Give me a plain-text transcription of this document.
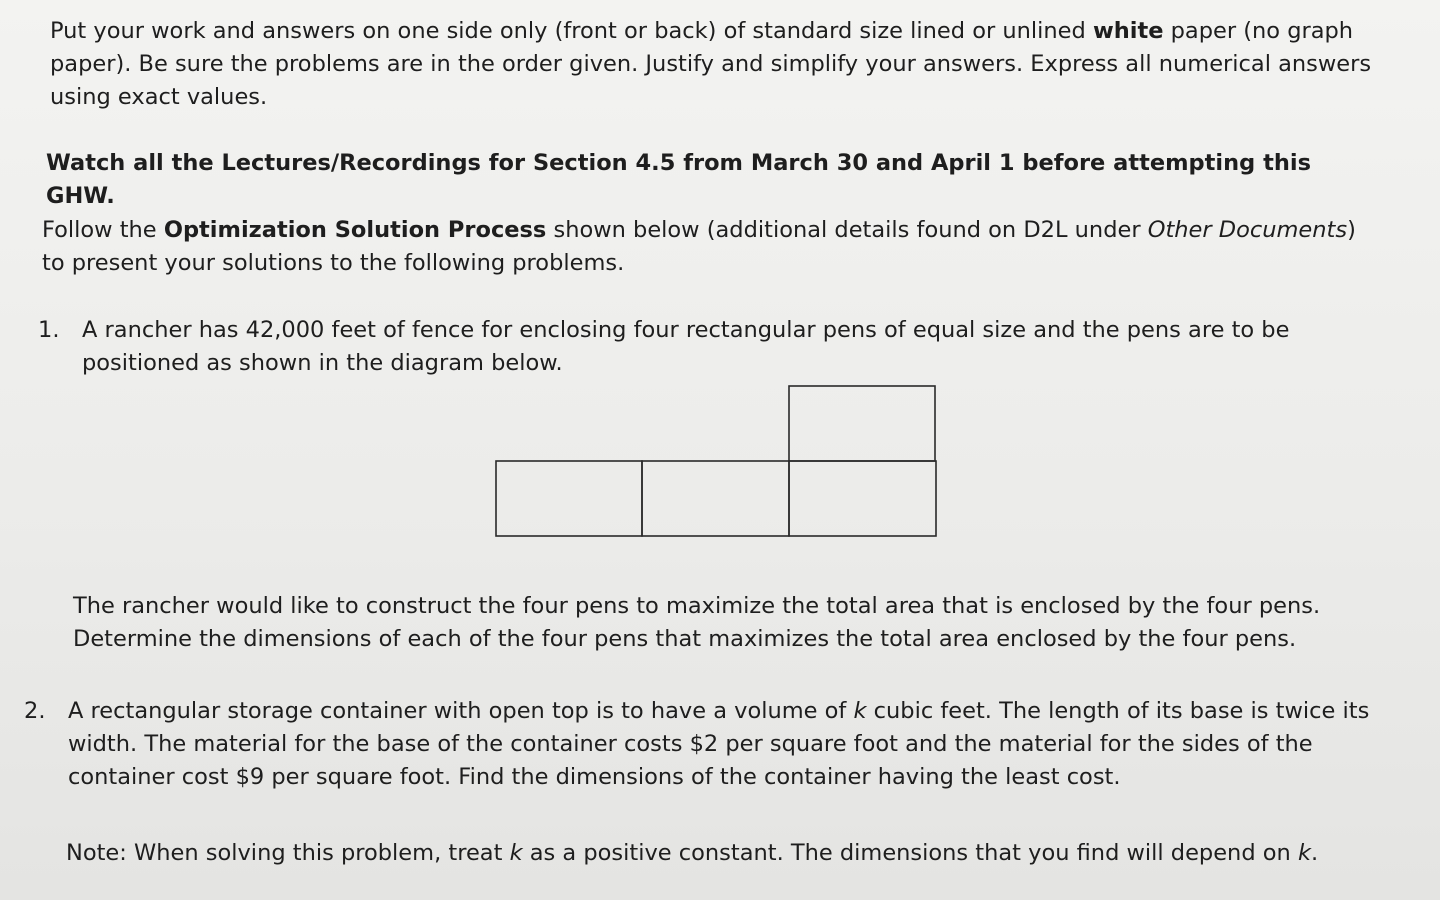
Put your work and answers on one side only (front or back) of standard size lined or unlined white paper (no graph paper). Be sure the problems are in the order given. Justify and simplify your answers. Express all numerical answers using exact values.

Watch all the Lectures/Recordings for Section 4.5 from March 30 and April 1 before attempting this GHW.

Follow the Optimization Solution Process shown below (additional details found on D2L under Other Documents) to present your solutions to the following problems.

1. A rancher has 42,000 feet of fence for enclosing four rectangular pens of equal size and the pens are to be positioned as shown in the diagram below.

The rancher would like to construct the four pens to maximize the total area that is enclosed by the four pens. Determine the dimensions of each of the four pens that maximizes the total area enclosed by the four pens.

2. A rectangular storage container with open top is to have a volume of k cubic feet. The length of its base is twice its width. The material for the base of the container costs $2 per square foot and the material for the sides of the container cost $9 per square foot. Find the dimensions of the container having the least cost.

Note: When solving this problem, treat k as a positive constant. The dimensions that you find will depend on k.
